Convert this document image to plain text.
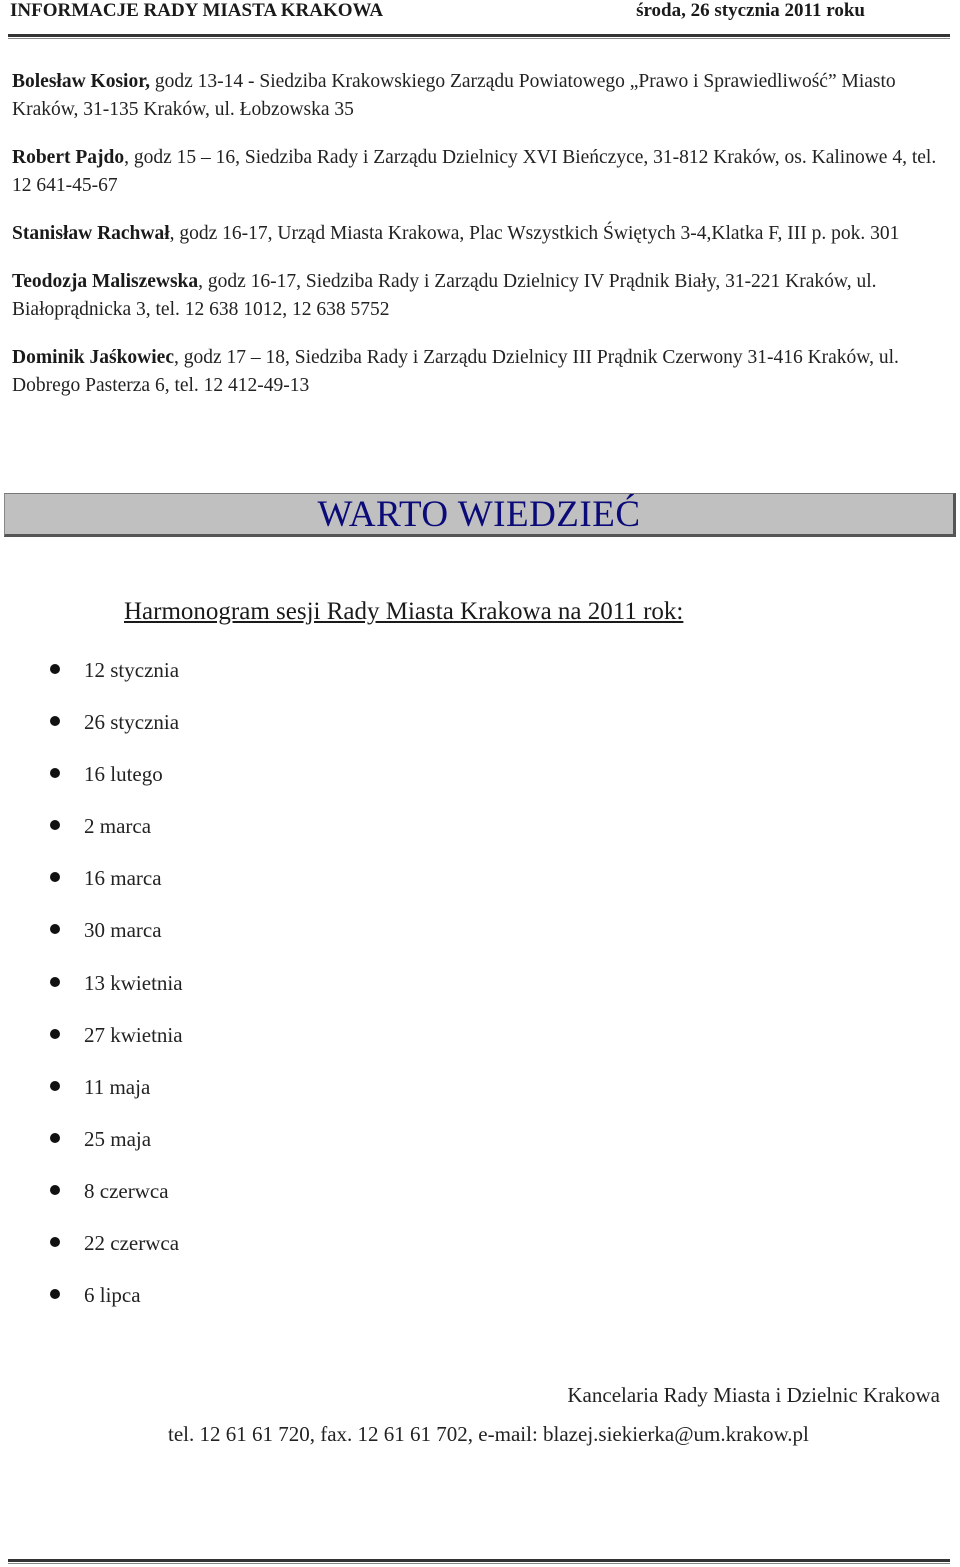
INFORMACJE RADY MIASTA KRAKOWA	środa, 26 stycznia 2011 roku

Bolesław Kosior, godz 13-14 - Siedziba Krakowskiego Zarządu Powiatowego „Prawo i Sprawiedliwość” Miasto Kraków, 31-135 Kraków, ul. Łobzowska 35

Robert Pajdo, godz 15 – 16, Siedziba Rady i Zarządu Dzielnicy XVI Bieńczyce, 31-812 Kraków, os. Kalinowe 4, tel. 12 641-45-67

Stanisław Rachwał, godz 16-17, Urząd Miasta Krakowa, Plac Wszystkich Świętych 3-4,Klatka F, III p. pok. 301

Teodozja Maliszewska, godz 16-17, Siedziba Rady i Zarządu Dzielnicy IV Prądnik Biały, 31-221 Kraków, ul. Białoprądnicka 3, tel. 12 638 1012, 12 638 5752

Dominik Jaśkowiec, godz 17 – 18, Siedziba Rady i Zarządu Dzielnicy III Prądnik Czerwony 31-416 Kraków, ul. Dobrego Pasterza 6, tel. 12 412-49-13

WARTO WIEDZIEĆ
Harmonogram sesji Rady Miasta Krakowa na 2011 rok:
12 stycznia
26 stycznia
16 lutego
2 marca
16 marca
30 marca
13 kwietnia
27 kwietnia
11 maja
25 maja
8 czerwca
22 czerwca
6 lipca
Kancelaria Rady Miasta i Dzielnic Krakowa
tel. 12 61 61 720, fax. 12 61 61 702, e-mail: blazej.siekierka@um.krakow.pl
